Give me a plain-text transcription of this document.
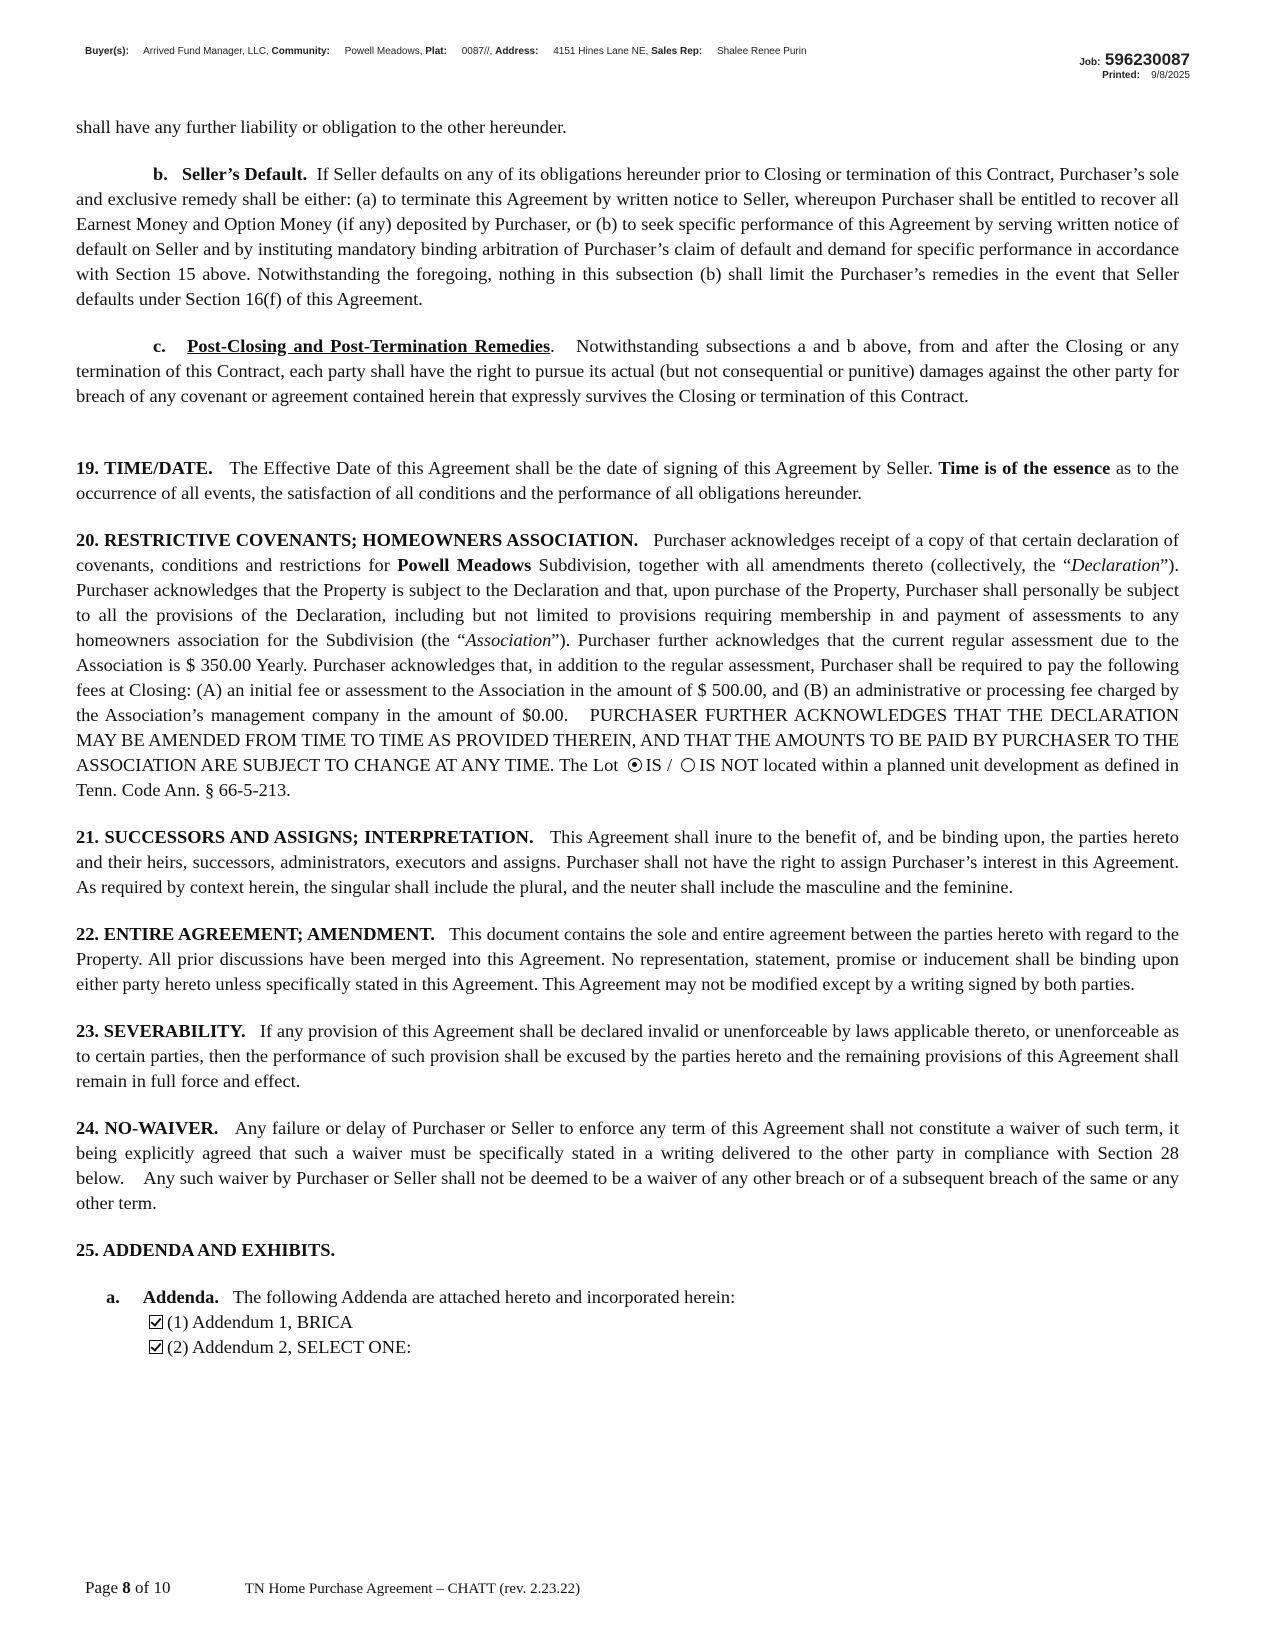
Buyer(s): Arrived Fund Manager, LLC, Community: Powell Meadows, Plat: 0087//, Address: 4151 Hines Lane NE, Sales Rep: Shalee Renee Purin
Job: 596230087
Printed: 9/8/2025

shall have any further liability or obligation to the other hereunder.

b.   Seller’s Default.  If Seller defaults on any of its obligations hereunder prior to Closing or termination of this Contract, Purchaser’s sole and exclusive remedy shall be either: (a) to terminate this Agreement by written notice to Seller, whereupon Purchaser shall be entitled to recover all Earnest Money and Option Money (if any) deposited by Purchaser, or (b) to seek specific performance of this Agreement by serving written notice of default on Seller and by instituting mandatory binding arbitration of Purchaser’s claim of default and demand for specific performance in accordance with Section 15 above. Notwithstanding the foregoing, nothing in this subsection (b) shall limit the Purchaser’s remedies in the event that Seller defaults under Section 16(f) of this Agreement.

c. Post-Closing and Post-Termination Remedies.   Notwithstanding subsections a and b above, from and after the Closing or any termination of this Contract, each party shall have the right to pursue its actual (but not consequential or punitive) damages against the other party for breach of any covenant or agreement contained herein that expressly survives the Closing or termination of this Contract.

19. TIME/DATE.   The Effective Date of this Agreement shall be the date of signing of this Agreement by Seller. Time is of the essence as to the occurrence of all events, the satisfaction of all conditions and the performance of all obligations hereunder.

20. RESTRICTIVE COVENANTS; HOMEOWNERS ASSOCIATION.   Purchaser acknowledges receipt of a copy of that certain declaration of covenants, conditions and restrictions for Powell Meadows Subdivision, together with all amendments thereto (collectively, the “Declaration”). Purchaser acknowledges that the Property is subject to the Declaration and that, upon purchase of the Property, Purchaser shall personally be subject to all the provisions of the Declaration, including but not limited to provisions requiring membership in and payment of assessments to any homeowners association for the Subdivision (the “Association”). Purchaser further acknowledges that the current regular assessment due to the Association is $ 350.00 Yearly. Purchaser acknowledges that, in addition to the regular assessment, Purchaser shall be required to pay the following fees at Closing: (A) an initial fee or assessment to the Association in the amount of $ 500.00, and (B) an administrative or processing fee charged by the Association’s management company in the amount of $0.00.   PURCHASER FURTHER ACKNOWLEDGES THAT THE DECLARATION MAY BE AMENDED FROM TIME TO TIME AS PROVIDED THEREIN, AND THAT THE AMOUNTS TO BE PAID BY PURCHASER TO THE ASSOCIATION ARE SUBJECT TO CHANGE AT ANY TIME. The Lot IS / IS NOT located within a planned unit development as defined in Tenn. Code Ann. § 66-5-213.

21. SUCCESSORS AND ASSIGNS; INTERPRETATION.   This Agreement shall inure to the benefit of, and be binding upon, the parties hereto and their heirs, successors, administrators, executors and assigns. Purchaser shall not have the right to assign Purchaser’s interest in this Agreement. As required by context herein, the singular shall include the plural, and the neuter shall include the masculine and the feminine.

22. ENTIRE AGREEMENT; AMENDMENT.   This document contains the sole and entire agreement between the parties hereto with regard to the Property. All prior discussions have been merged into this Agreement. No representation, statement, promise or inducement shall be binding upon either party hereto unless specifically stated in this Agreement. This Agreement may not be modified except by a writing signed by both parties.

23. SEVERABILITY.   If any provision of this Agreement shall be declared invalid or unenforceable by laws applicable thereto, or unenforceable as to certain parties, then the performance of such provision shall be excused by the parties hereto and the remaining provisions of this Agreement shall remain in full force and effect.

24. NO-WAIVER.   Any failure or delay of Purchaser or Seller to enforce any term of this Agreement shall not constitute a waiver of such term, it being explicitly agreed that such a waiver must be specifically stated in a writing delivered to the other party in compliance with Section 28 below.    Any such waiver by Purchaser or Seller shall not be deemed to be a waiver of any other breach or of a subsequent breach of the same or any other term.

25. ADDENDA AND EXHIBITS.

a.     Addenda.   The following Addenda are attached hereto and incorporated herein:
(1) Addendum 1, BRICA
(2) Addendum 2, SELECT ONE:
Page 8 of 10	TN Home Purchase Agreement – CHATT (rev. 2.23.22)
